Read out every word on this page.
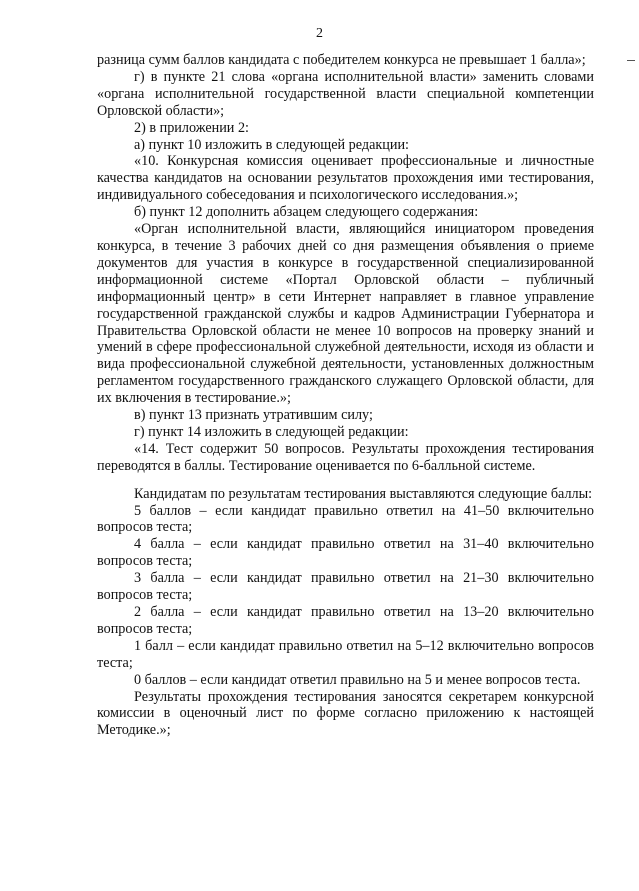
2

разница сумм баллов кандидата с победителем конкурса не превышает 1 балла»;

г) в пункте 21 слова «органа исполнительной власти» заменить словами «органа исполнительной государственной власти специальной компетенции Орловской области»;

2) в приложении 2:

а) пункт 10 изложить в следующей редакции:

«10. Конкурсная комиссия оценивает профессиональные и личностные качества кандидатов на основании результатов прохождения ими тестирования, индивидуального собеседования и психологического исследования.»;

б) пункт 12 дополнить абзацем следующего содержания:

«Орган исполнительной власти, являющийся инициатором проведения конкурса, в течение 3 рабочих дней со дня размещения объявления о приеме документов для участия в конкурсе в государственной специализированной информационной системе «Портал Орловской области – публичный информационный центр» в сети Интернет направляет в главное управление государственной гражданской службы и кадров Администрации Губернатора и Правительства Орловской области не менее 10 вопросов на проверку знаний и умений в сфере профессиональной служебной деятельности, исходя из области и вида профессиональной служебной деятельности, установленных должностным регламентом государственного гражданского служащего Орловской области, для их включения в тестирование.»;

в) пункт 13 признать утратившим силу;

г) пункт 14 изложить в следующей редакции:

«14. Тест содержит 50 вопросов. Результаты прохождения тестирования переводятся в баллы. Тестирование оценивается по 6-балльной системе.

Кандидатам по результатам тестирования выставляются следующие баллы:

5 баллов – если кандидат правильно ответил на 41–50 включительно вопросов теста;

4 балла – если кандидат правильно ответил на 31–40 включительно вопросов теста;

3 балла – если кандидат правильно ответил на 21–30 включительно вопросов теста;

2 балла – если кандидат правильно ответил на 13–20 включительно вопросов теста;

1 балл – если кандидат правильно ответил на 5–12 включительно вопросов теста;

0 баллов – если кандидат ответил правильно на 5 и менее вопросов теста.

Результаты прохождения тестирования заносятся секретарем конкурсной комиссии в оценочный лист по форме согласно приложению к настоящей Методике.»;
